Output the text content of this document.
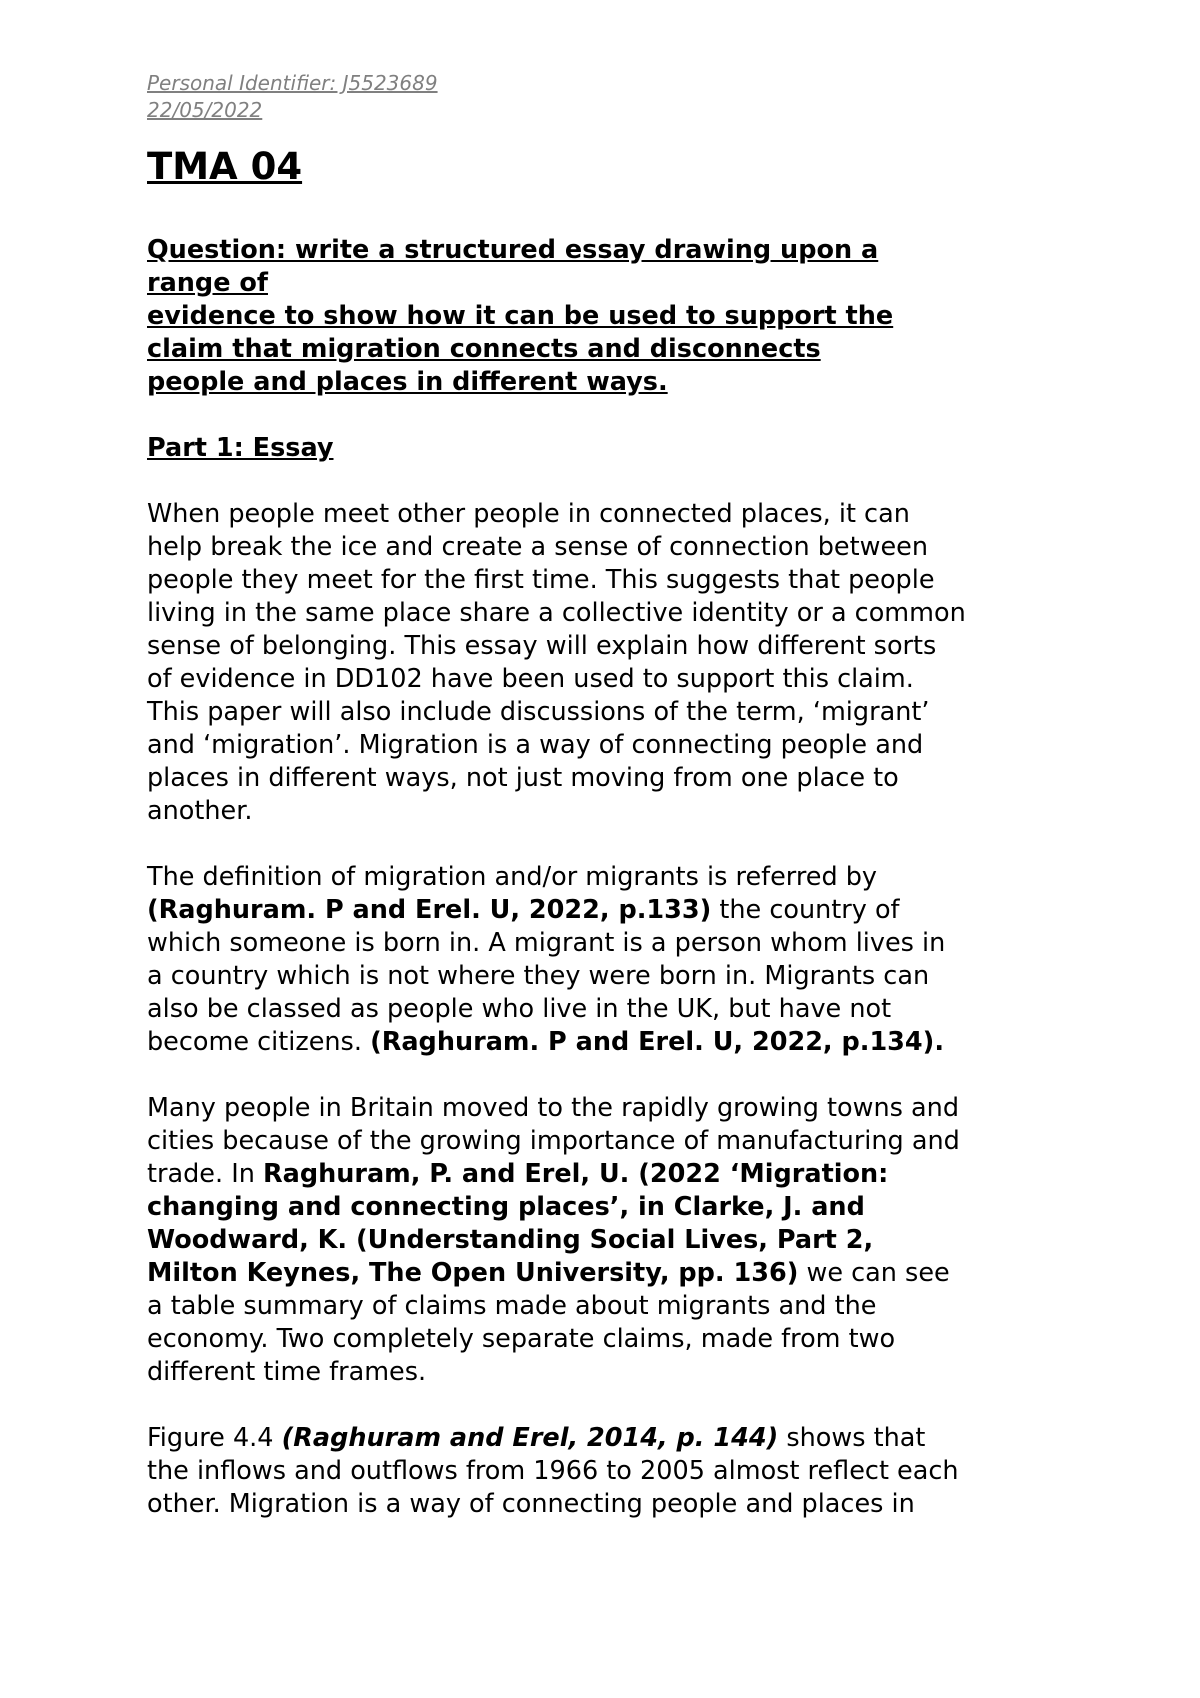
Personal Identifier: J5523689
22/05/2022
TMA 04
Question: write a structured essay drawing upon a
range of
evidence to show how it can be used to support the
claim that migration connects and disconnects
people and places in different ways.
Part 1: Essay
When people meet other people in connected places, it can
help break the ice and create a sense of connection between
people they meet for the first time. This suggests that people
living in the same place share a collective identity or a common
sense of belonging. This essay will explain how different sorts
of evidence in DD102 have been used to support this claim.
This paper will also include discussions of the term, ‘migrant’
and ‘migration’. Migration is a way of connecting people and
places in different ways, not just moving from one place to
another.
The definition of migration and/or migrants is referred by
(Raghuram. P and Erel. U, 2022, p.133) the country of
which someone is born in. A migrant is a person whom lives in
a country which is not where they were born in. Migrants can
also be classed as people who live in the UK, but have not
become citizens. (Raghuram. P and Erel. U, 2022, p.134).
Many people in Britain moved to the rapidly growing towns and
cities because of the growing importance of manufacturing and
trade. In Raghuram, P. and Erel, U. (2022 ‘Migration:
changing and connecting places’, in Clarke, J. and
Woodward, K. (Understanding Social Lives, Part 2,
Milton Keynes, The Open University, pp. 136) we can see
a table summary of claims made about migrants and the
economy. Two completely separate claims, made from two
different time frames.
Figure 4.4 (Raghuram and Erel, 2014, p. 144) shows that
the inflows and outflows from 1966 to 2005 almost reflect each
other. Migration is a way of connecting people and places in
